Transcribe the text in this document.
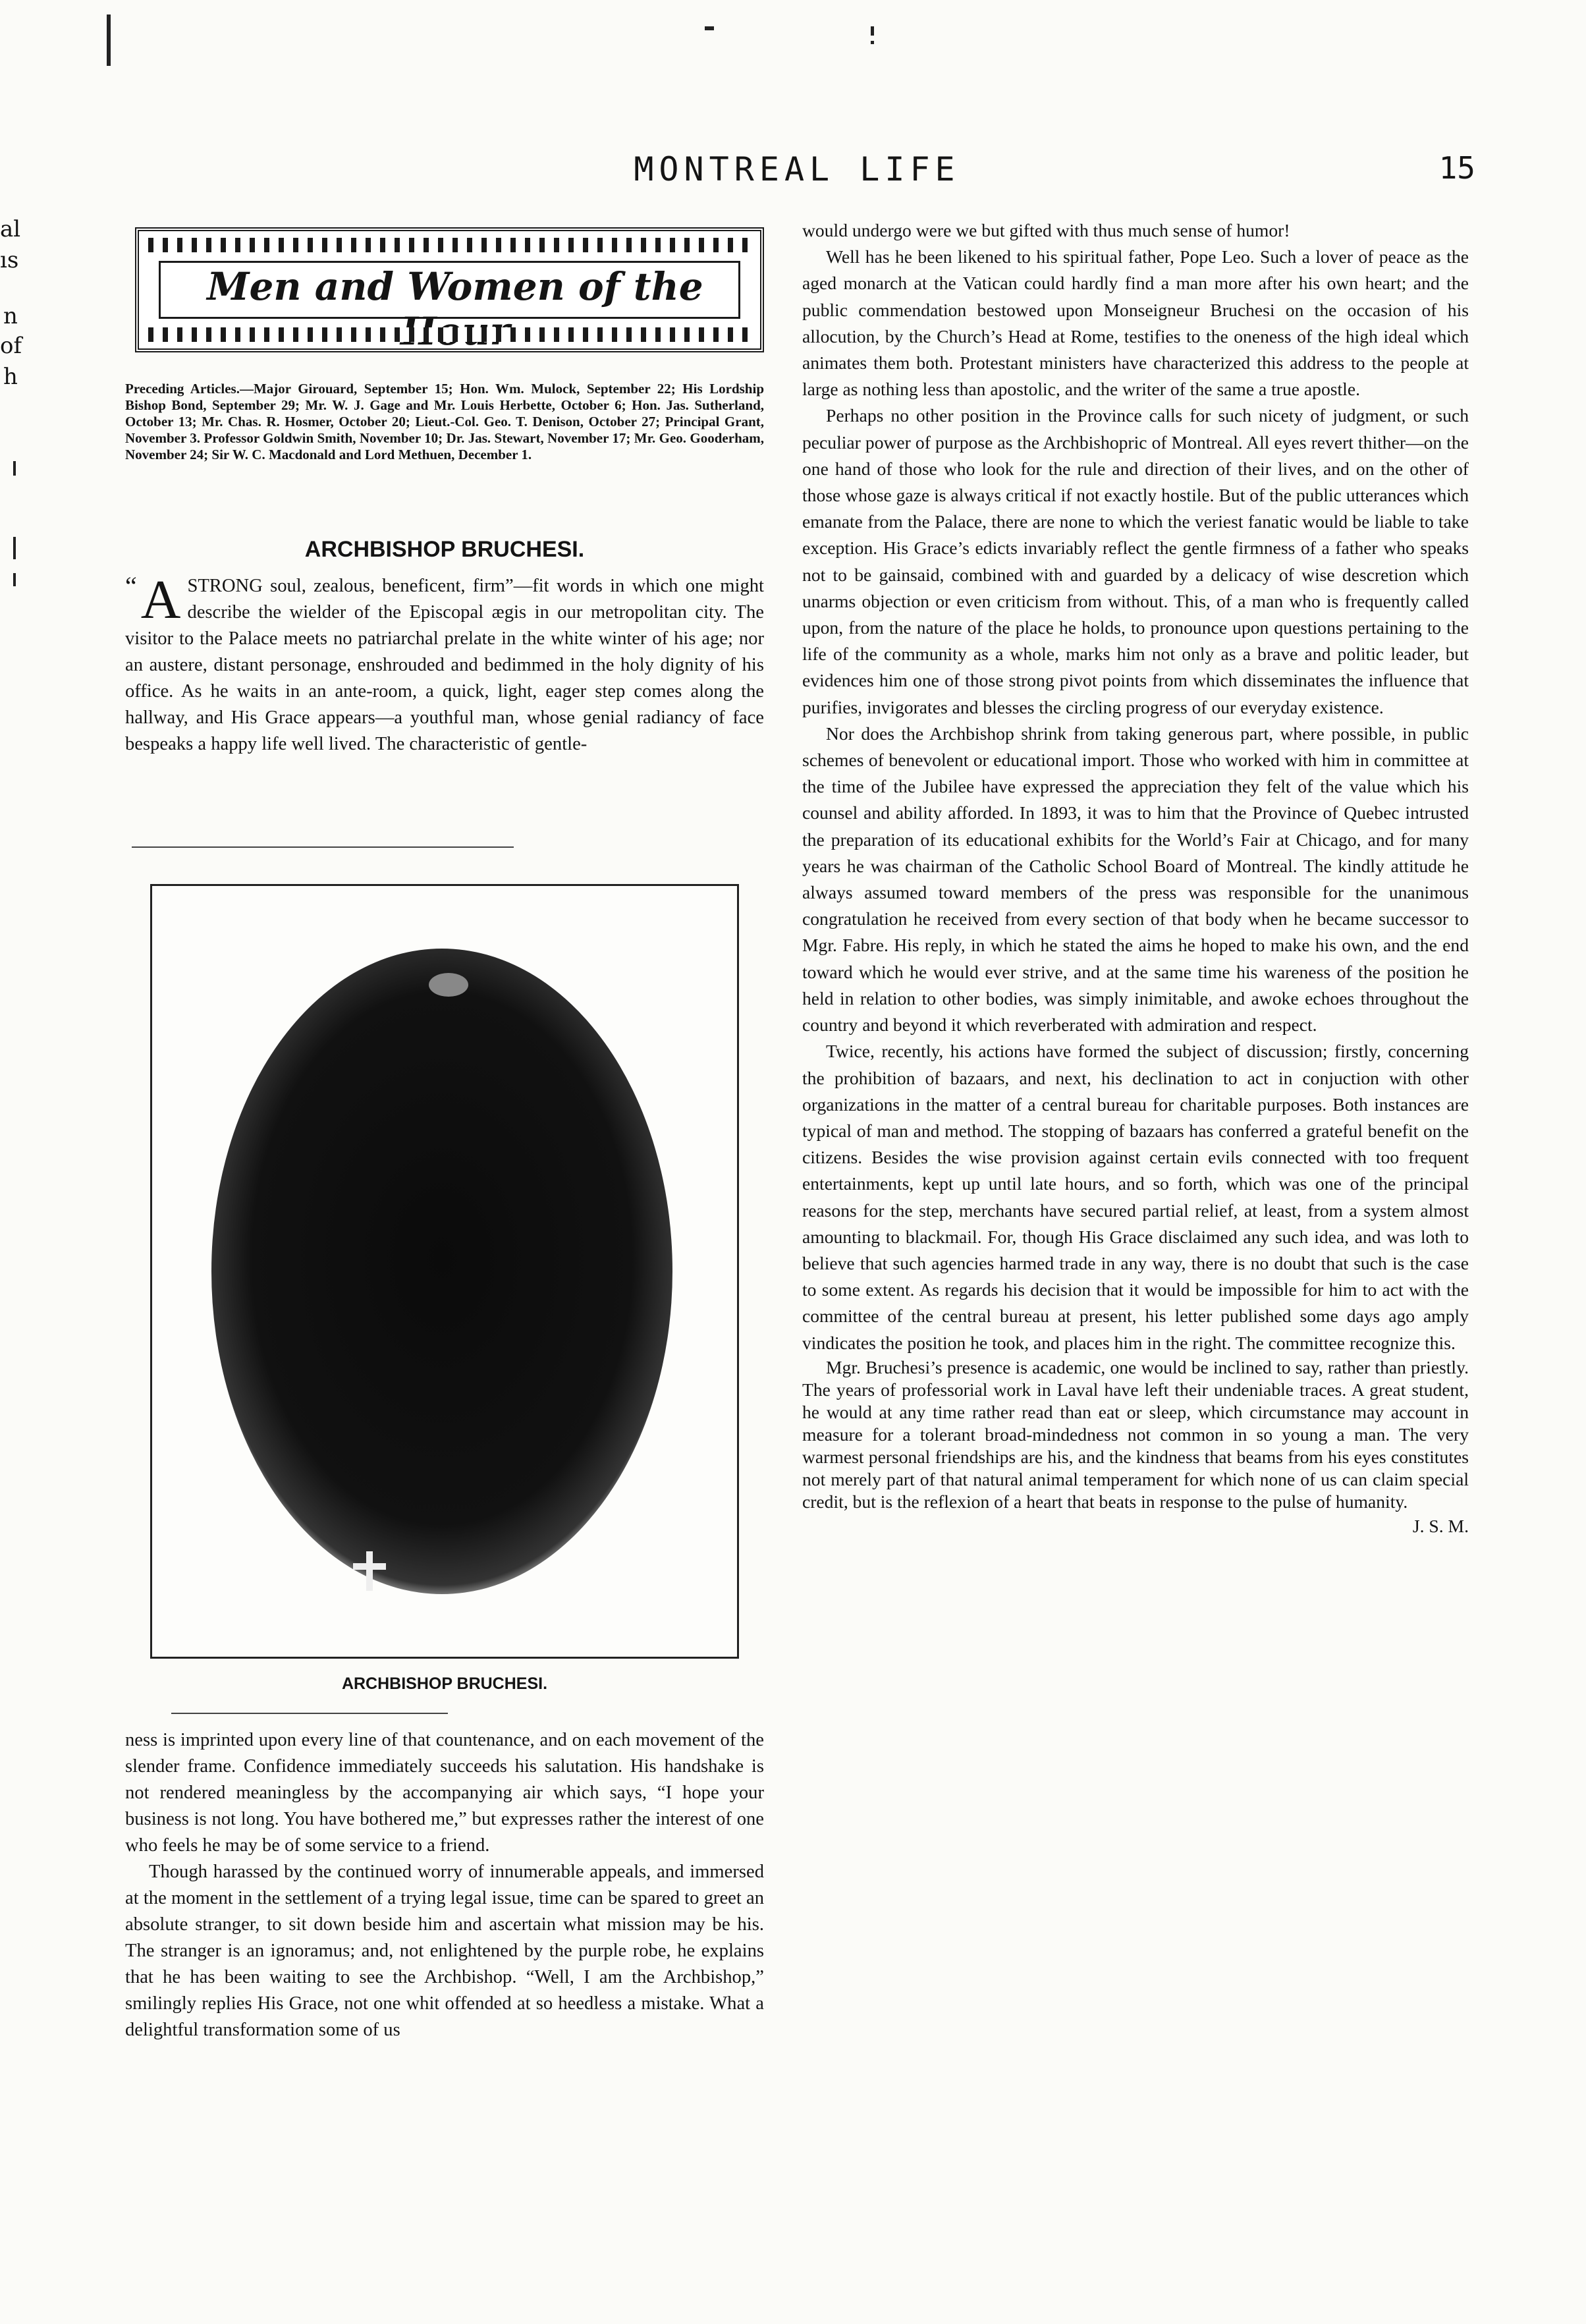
al
ıs
n
of
h
MONTREAL LIFE	15
Men and Women of the
Preceding Articles.—Major Girouard, September 15; Hon. Wm. Mulock, September 22; His Lordship Bishop Bond, September 29; Mr. W. J. Gage and Mr. Louis Herbette, October 6; Hon. Jas. Sutherland, October 13; Mr. Chas. R. Hosmer, October 20; Lieut.-Col. Geo. T. Denison, October 27; Principal Grant, November 3. Professor Goldwin Smith, November 10; Dr. Jas. Stewart, November 17; Mr. Geo. Gooderham, November 24; Sir W. C. Macdonald and Lord Methuen, December 1.
ARCHBISHOP BRUCHESI.

“ A STRONG soul, zealous, beneficent, firm”—fit words in which one might describe the wielder of the Episcopal ægis in our metropolitan city. The visitor to the Palace meets no patriarchal prelate in the white winter of his age; nor an austere, distant personage, enshrouded and bedimmed in the holy dignity of his office. As he waits in an ante-room, a quick, light, eager step comes along the hallway, and His Grace appears—a youthful man, whose genial radiancy of face bespeaks a happy life well lived. The characteristic of gentle-

ARCHBISHOP BRUCHESI.

ness is imprinted upon every line of that countenance, and on each movement of the slender frame. Confidence immediately succeeds his salutation. His handshake is not rendered meaningless by the accompanying air which says, “I hope your business is not long. You have bothered me,” but expresses rather the interest of one who feels he may be of some service to a friend.

Though harassed by the continued worry of innumerable appeals, and immersed at the moment in the settlement of a trying legal issue, time can be spared to greet an absolute stranger, to sit down beside him and ascertain what mission may be his. The stranger is an ignoramus; and, not enlightened by the purple robe, he explains that he has been waiting to see the Archbishop. “Well, I am the Archbishop,” smilingly replies His Grace, not one whit offended at so heedless a mistake. What a delightful transformation some of us

would undergo were we but gifted with thus much sense of humor!

Well has he been likened to his spiritual father, Pope Leo. Such a lover of peace as the aged monarch at the Vatican could hardly find a man more after his own heart; and the public commendation bestowed upon Monseigneur Bruchesi on the occasion of his allocution, by the Church’s Head at Rome, testifies to the oneness of the high ideal which animates them both. Protestant ministers have characterized this address to the people at large as nothing less than apostolic, and the writer of the same a true apostle.

Perhaps no other position in the Province calls for such nicety of judgment, or such peculiar power of purpose as the Archbishopric of Montreal. All eyes revert thither—on the one hand of those who look for the rule and direction of their lives, and on the other of those whose gaze is always critical if not exactly hostile. But of the public utterances which emanate from the Palace, there are none to which the veriest fanatic would be liable to take exception. His Grace’s edicts invariably reflect the gentle firmness of a father who speaks not to be gainsaid, combined with and guarded by a delicacy of wise descretion which unarms objection or even criticism from without. This, of a man who is frequently called upon, from the nature of the place he holds, to pronounce upon questions pertaining to the life of the community as a whole, marks him not only as a brave and politic leader, but evidences him one of those strong pivot points from which disseminates the influence that purifies, invigorates and blesses the circling progress of our everyday existence.

Nor does the Archbishop shrink from taking generous part, where possible, in public schemes of benevolent or educational import. Those who worked with him in committee at the time of the Jubilee have expressed the appreciation they felt of the value which his counsel and ability afforded. In 1893, it was to him that the Province of Quebec intrusted the preparation of its educational exhibits for the World’s Fair at Chicago, and for many years he was chairman of the Catholic School Board of Montreal. The kindly attitude he always assumed toward members of the press was responsible for the unanimous congratulation he received from every section of that body when he became successor to Mgr. Fabre. His reply, in which he stated the aims he hoped to make his own, and the end toward which he would ever strive, and at the same time his wareness of the position he held in relation to other bodies, was simply inimitable, and awoke echoes throughout the country and beyond it which reverberated with admiration and respect.

Twice, recently, his actions have formed the subject of discussion; firstly, concerning the prohibition of bazaars, and next, his declination to act in conjuction with other organizations in the matter of a central bureau for charitable purposes. Both instances are typical of man and method. The stopping of bazaars has conferred a grateful benefit on the citizens. Besides the wise provision against certain evils connected with too frequent entertainments, kept up until late hours, and so forth, which was one of the principal reasons for the step, merchants have secured partial relief, at least, from a system almost amounting to blackmail. For, though His Grace disclaimed any such idea, and was loth to believe that such agencies harmed trade in any way, there is no doubt that such is the case to some extent. As regards his decision that it would be impossible for him to act with the committee of the central bureau at present, his letter published some days ago amply vindicates the position he took, and places him in the right. The committee recognize this.

Mgr. Bruchesi’s presence is academic, one would be inclined to say, rather than priestly. The years of professorial work in Laval have left their undeniable traces. A great student, he would at any time rather read than eat or sleep, which circumstance may account in measure for a tolerant broad-mindedness not common in so young a man. The very warmest personal friendships are his, and the kindness that beams from his eyes constitutes not merely part of that natural animal temperament for which none of us can claim special credit, but is the reflexion of a heart that beats in response to the pulse of humanity.

J. S. M.
